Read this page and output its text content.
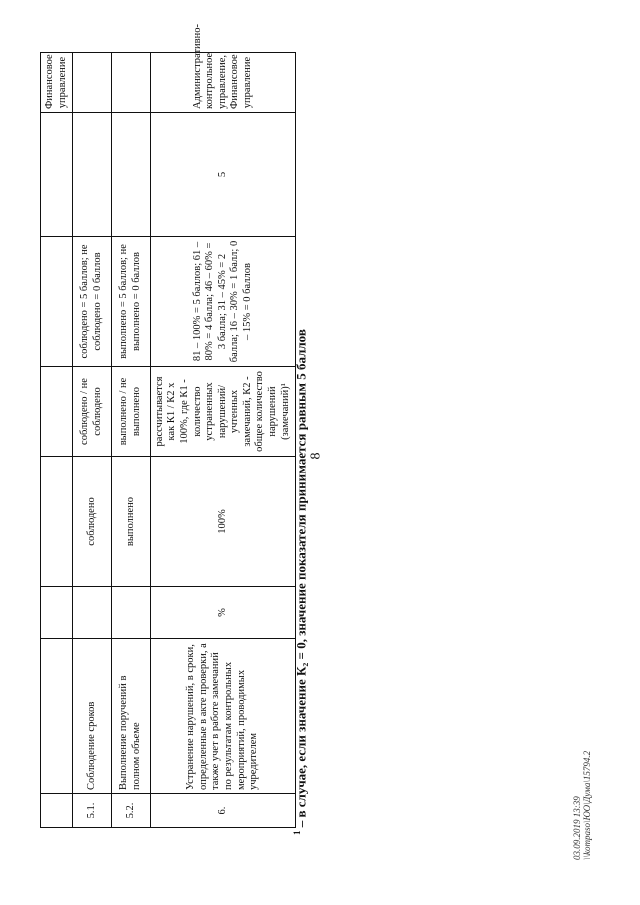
8
							Финансовое управление
5.1.	Соблюдение сроков		соблюдено	соблюдено / не соблюдено	соблюдено = 5 баллов; не соблюдено = 0 баллов		
5.2.	Выполнение поручений в полном объеме		выполнено	выполнено / не выполнено	выполнено = 5 баллов; не выполнено = 0 баллов		
6.	Устранение нарушений, в сроки, определенные в акте проверки, а также учет в работе замечаний по результатам контрольных мероприятий, проводимых учредителем	%	100%	рассчитывается как К1 / К2 х 100%, где К1 - количество устраненных нарушений/ учтенных замечаний, К2 - общее количество нарушений (замечаний)¹	81 – 100% = 5 баллов; 61 – 80% = 4 балла; 46 – 60% = 3 балла; 31 – 45% = 2 балла; 16 – 30% = 1 балл; 0 – 15% = 0 баллов	5	Административно-контрольное управление, Финансовое управление
$^1$ – в случае, если значение К₂ = 0, значение показателя принимается равным 5 баллов	03.09.2019 13:39 \\kompaso\ЮО\Дума\15794.2
